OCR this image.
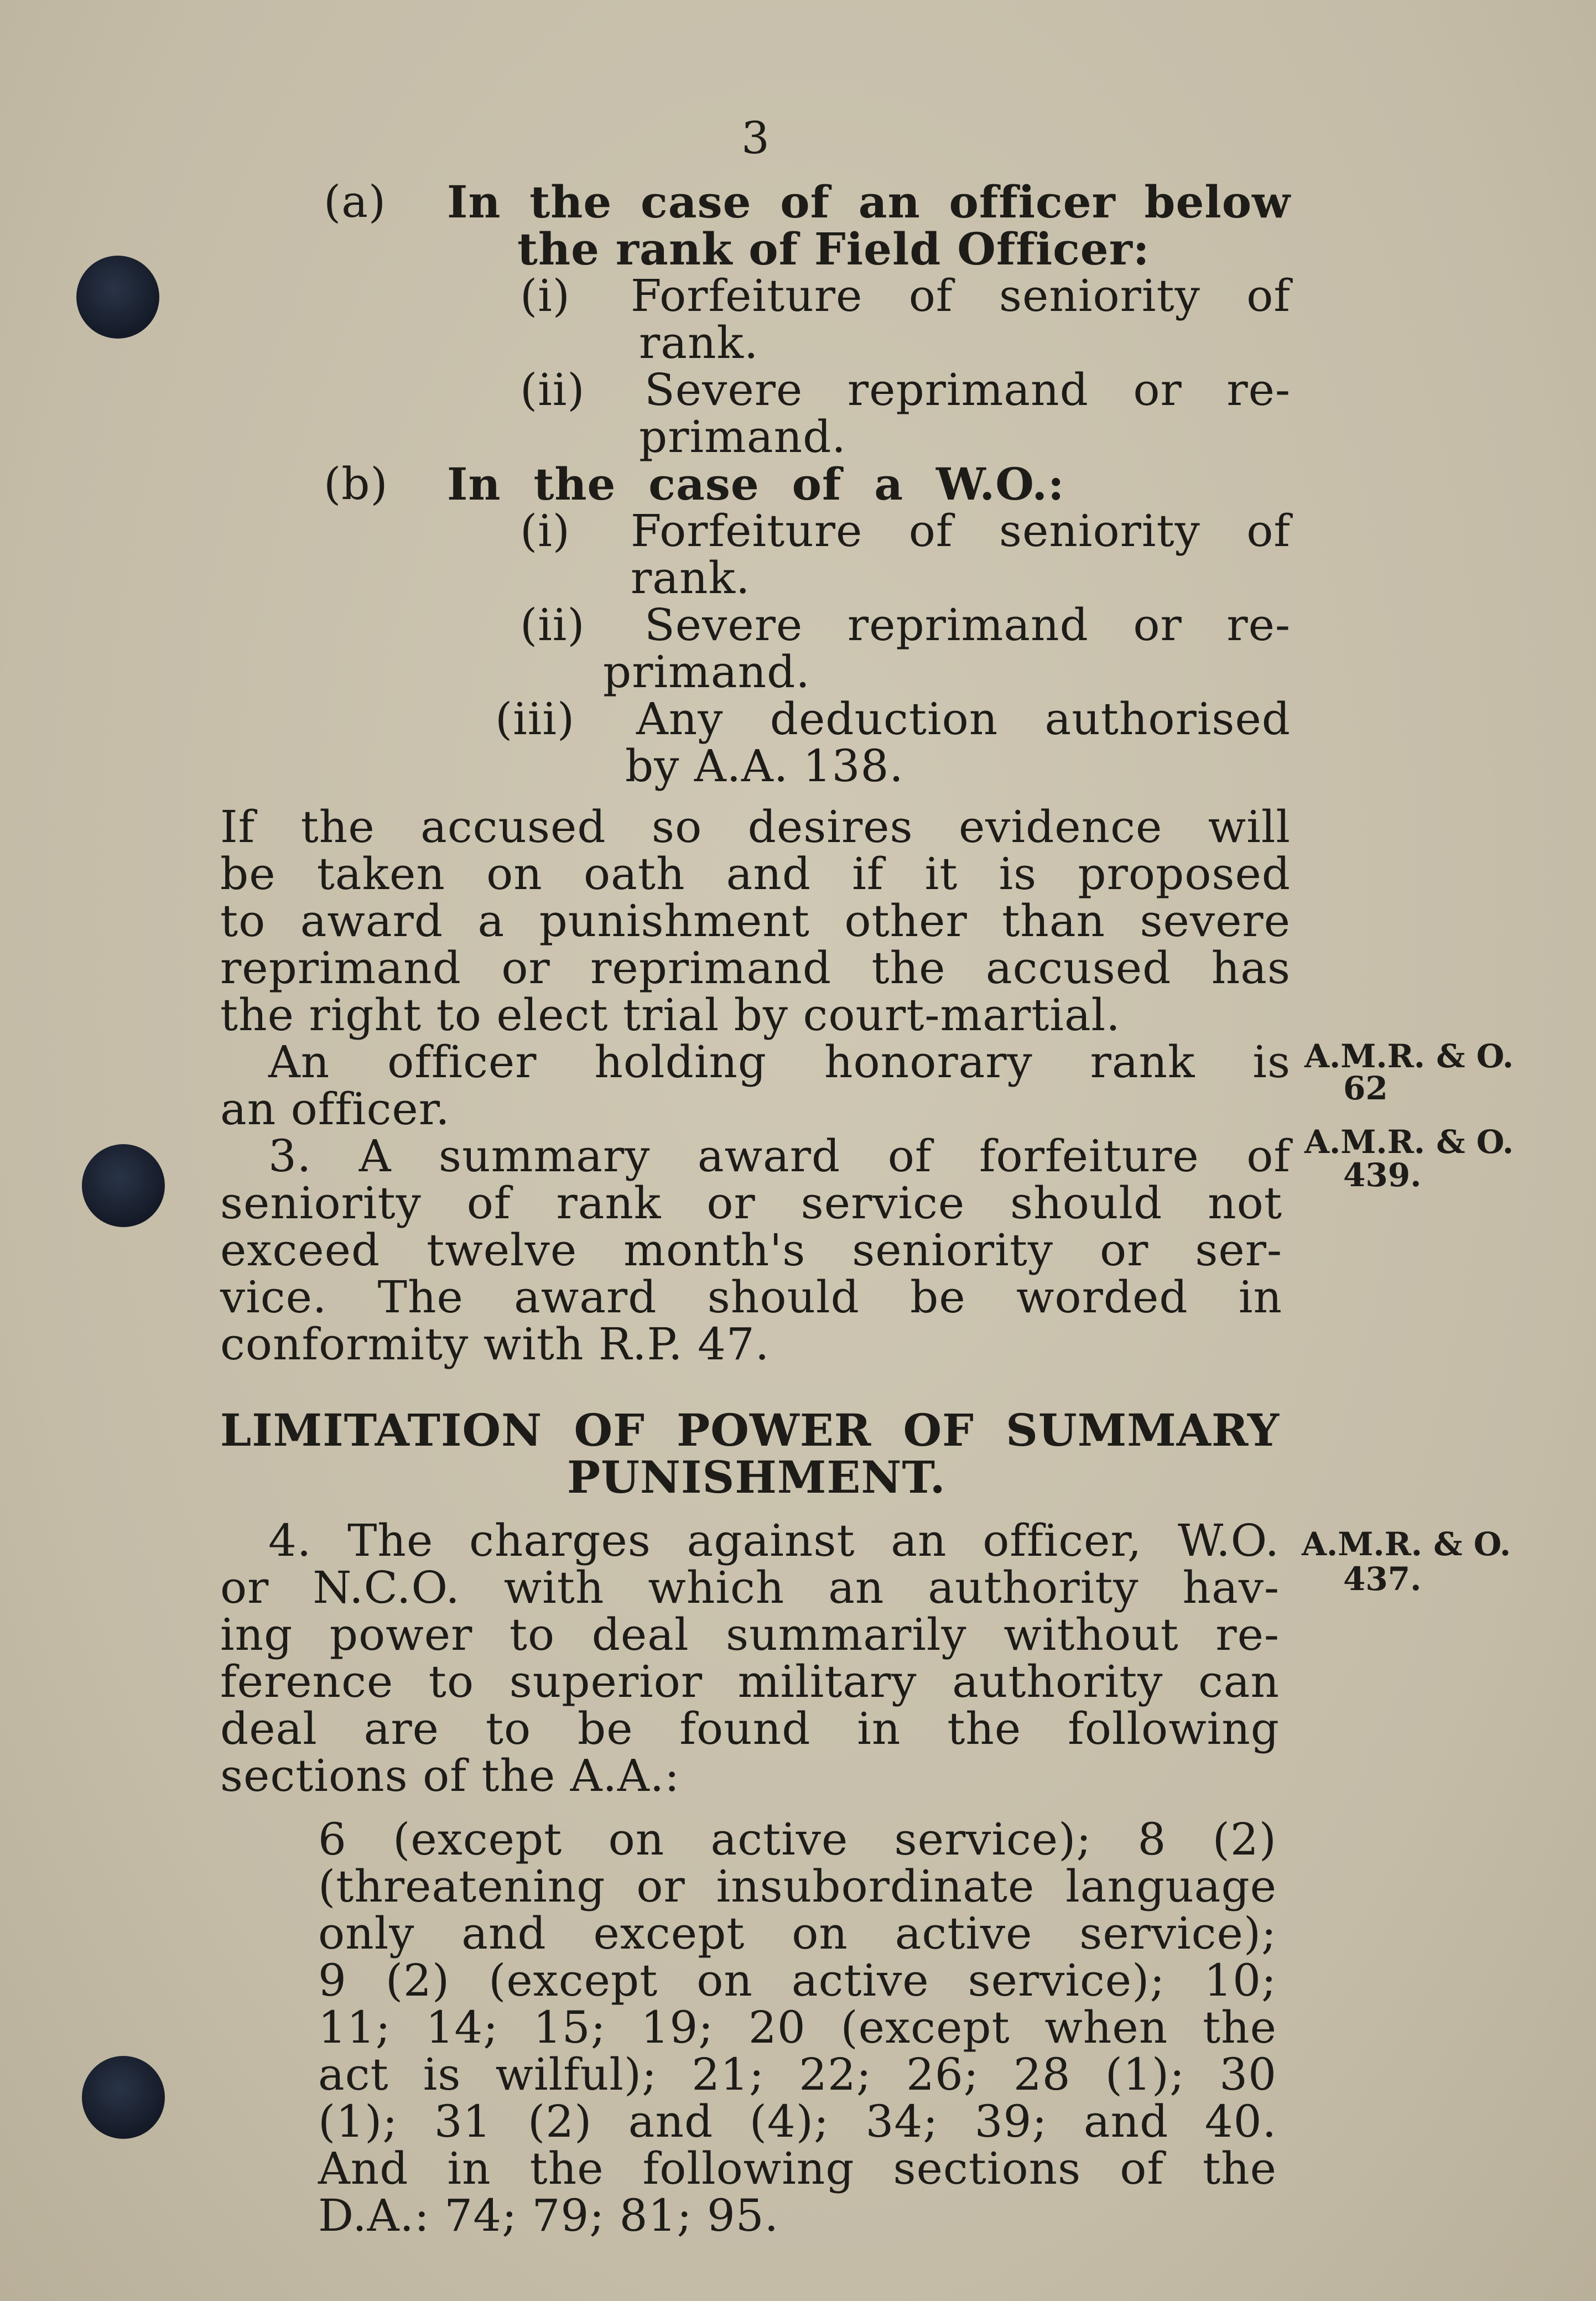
3
(a) In the case of an officer below
the rank of Field Officer:
(i) Forfeiture of seniority of
rank.
(ii) Severe reprimand or re-
primand.
(b) In the case of a W.O.:
(i) Forfeiture of seniority of
rank.
(ii) Severe reprimand or re-
primand.
(iii) Any deduction authorised
by A.A. 138.
If the accused so desires evidence will
be taken on oath and if it is proposed
to award a punishment other than severe
reprimand or reprimand the accused has
the right to elect trial by court-martial.
An officer holding honorary rank is
an officer.
3. A summary award of forfeiture of
seniority of rank or service should not
exceed twelve month's seniority or ser-
vice. The award should be worded in
conformity with R.P. 47.
LIMITATION OF POWER OF SUMMARY
PUNISHMENT.
4. The charges against an officer, W.O.
or N.C.O. with which an authority hav-
ing power to deal summarily without re-
ference to superior military authority can
deal are to be found in the following
sections of the A.A.:
6 (except on active service); 8 (2)
(threatening or insubordinate language
only and except on active service);
9 (2) (except on active service); 10;
11; 14; 15; 19; 20 (except when the
act is wilful); 21; 22; 26; 28 (1); 30
(1); 31 (2) and (4); 34; 39; and 40.
And in the following sections of the
D.A.: 74; 79; 81; 95.
A.M.R. & O.
62
A.M.R. & O.
439.
A.M.R. & O.
437.
